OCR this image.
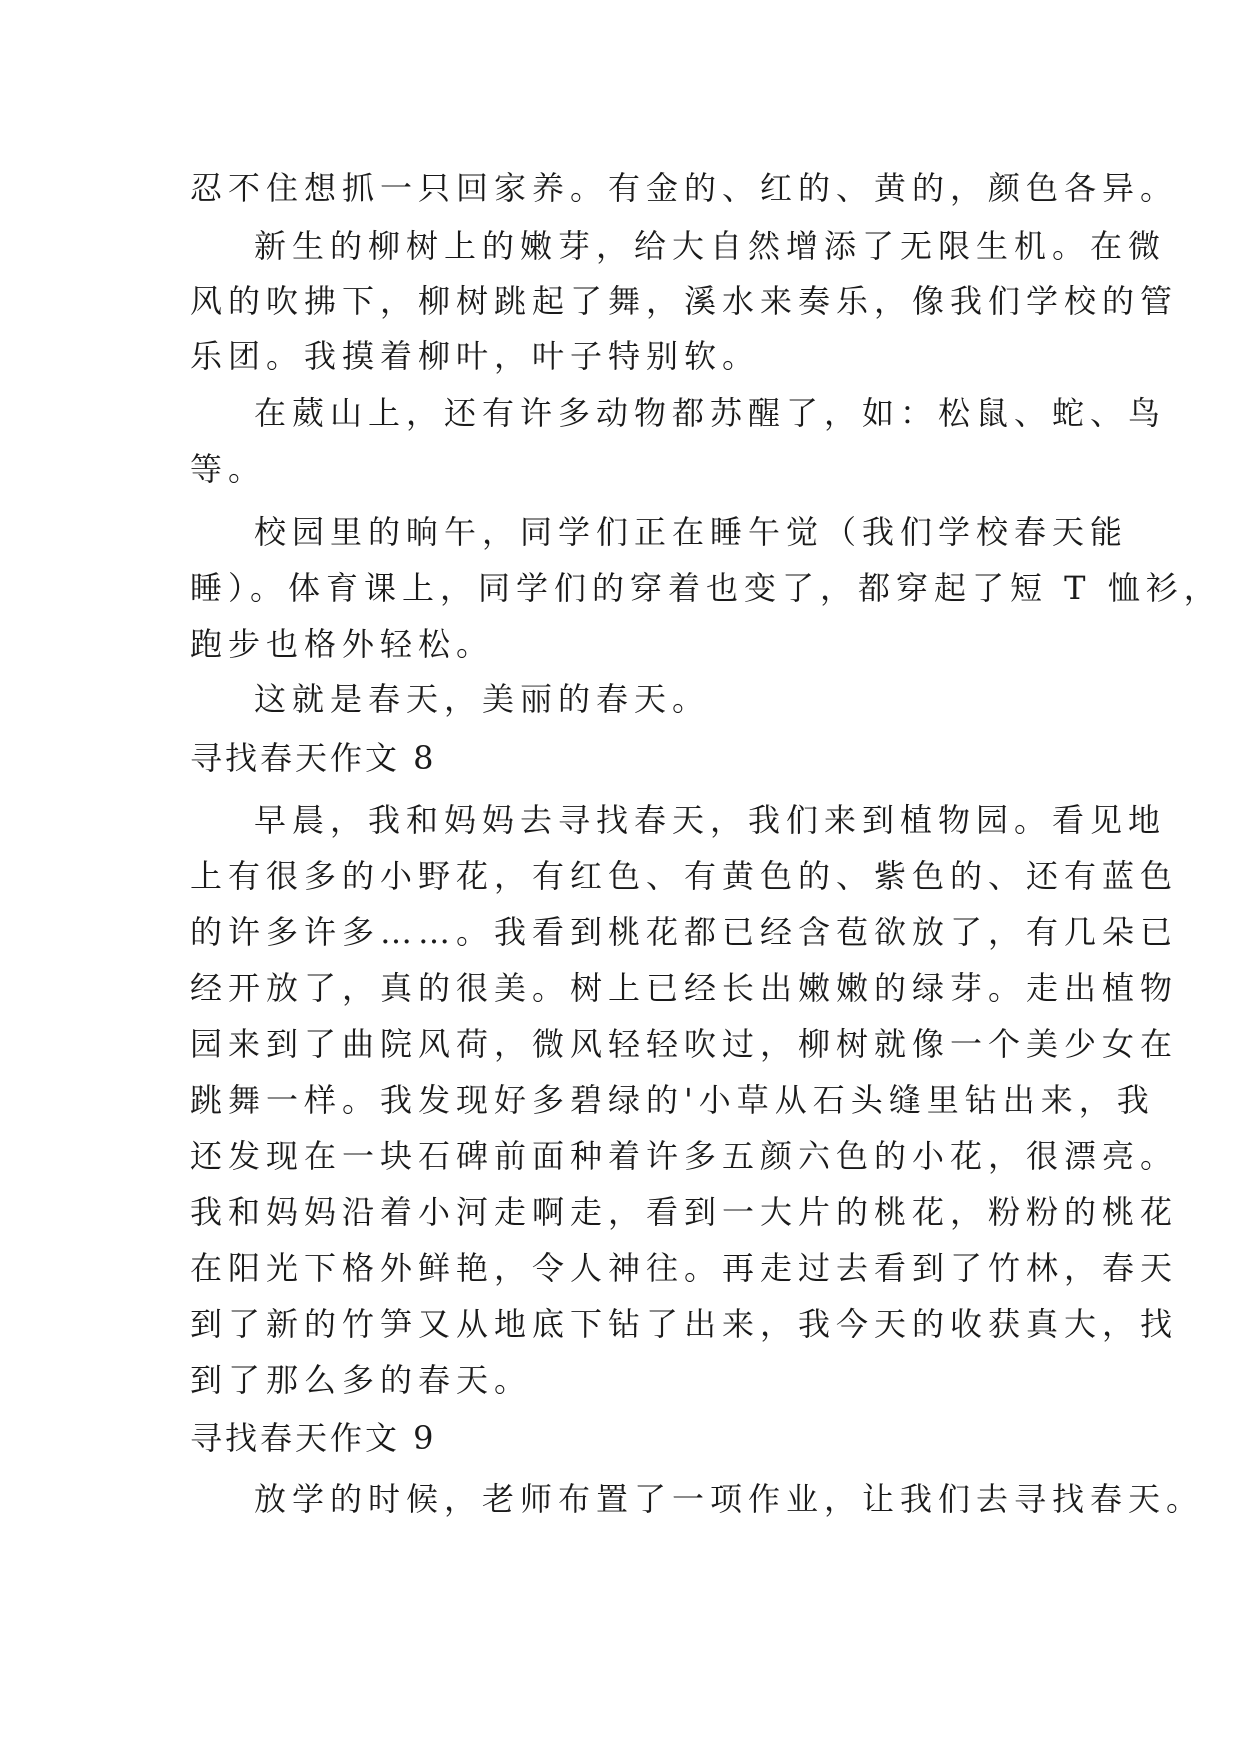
忍不住想抓一只回家养。有金的、红的、黄的，颜色各异。
新生的柳树上的嫩芽，给大自然增添了无限生机。在微
风的吹拂下，柳树跳起了舞，溪水来奏乐，像我们学校的管
乐团。我摸着柳叶，叶子特别软。
在葳山上，还有许多动物都苏醒了，如：松鼠、蛇、鸟
等。
校园里的晌午，同学们正在睡午觉（我们学校春天能
睡）。体育课上，同学们的穿着也变了，都穿起了短 T 恤衫，
跑步也格外轻松。
这就是春天，美丽的春天。
寻找春天作文 8
早晨，我和妈妈去寻找春天，我们来到植物园。看见地
上有很多的小野花，有红色、有黄色的、紫色的、还有蓝色
的许多许多……。我看到桃花都已经含苞欲放了，有几朵已
经开放了，真的很美。树上已经长出嫩嫩的绿芽。走出植物
园来到了曲院风荷，微风轻轻吹过，柳树就像一个美少女在
跳舞一样。我发现好多碧绿的'小草从石头缝里钻出来，我
还发现在一块石碑前面种着许多五颜六色的小花，很漂亮。
我和妈妈沿着小河走啊走，看到一大片的桃花，粉粉的桃花
在阳光下格外鲜艳，令人神往。再走过去看到了竹林，春天
到了新的竹笋又从地底下钻了出来，我今天的收获真大，找
到了那么多的春天。
寻找春天作文 9
放学的时候，老师布置了一项作业，让我们去寻找春天。
